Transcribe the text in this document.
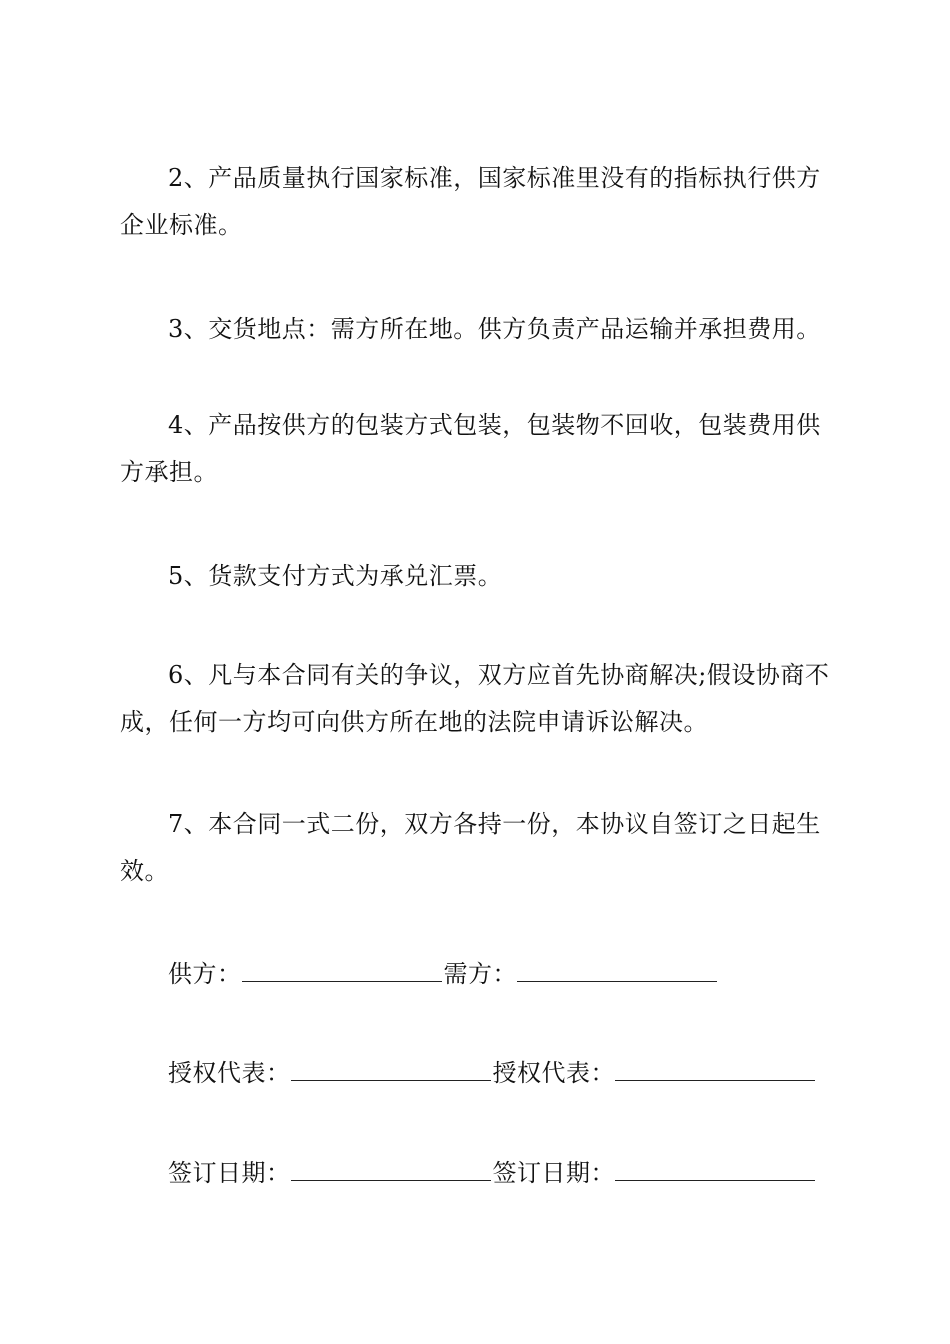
2、产品质量执行国家标准，国家标准里没有的指标执行供方企业标准。

3、交货地点：需方所在地。供方负责产品运输并承担费用。

4、产品按供方的包装方式包装，包装物不回收，包装费用供方承担。

5、货款支付方式为承兑汇票。

6、凡与本合同有关的争议，双方应首先协商解决;假设协商不成，任何一方均可向供方所在地的法院申请诉讼解决。

7、本合同一式二份，双方各持一份，本协议自签订之日起生效。

供方：	需方：
授权代表：	授权代表：
签订日期：	签订日期：
